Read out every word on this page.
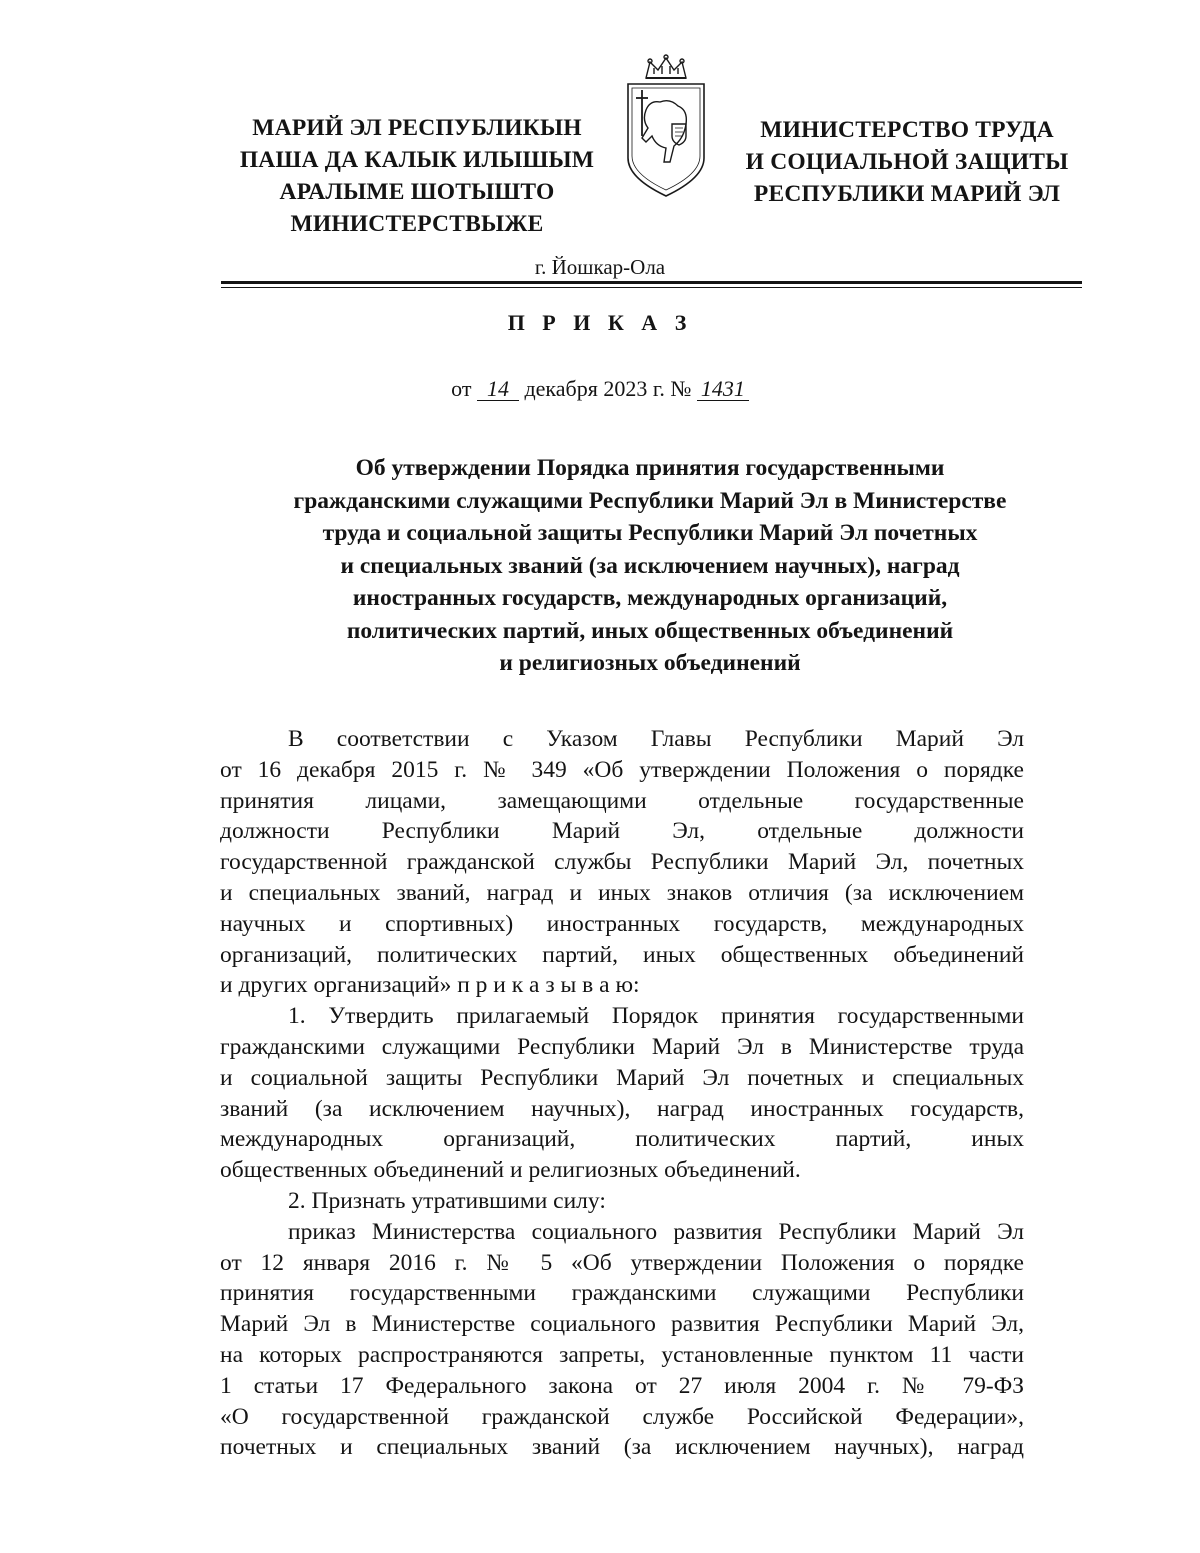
МАРИЙ ЭЛ РЕСПУБЛИКЫН
ПАША ДА КАЛЫК ИЛЫШЫМ
АРАЛЫМЕ ШОТЫШТО
МИНИСТЕРСТВЫЖЕ
МИНИСТЕРСТВО ТРУДА
И СОЦИАЛЬНОЙ ЗАЩИТЫ
РЕСПУБЛИКИ МАРИЙ ЭЛ
г. Йошкар-Ола
П Р И К А З
от 14 декабря 2023 г. № 1431
Об утверждении Порядка принятия государственными
гражданскими служащими Республики Марий Эл в Министерстве
труда и социальной защиты Республики Марий Эл почетных
и специальных званий (за исключением научных), наград
иностранных государств, международных организаций,
политических партий, иных общественных объединений
и религиозных объединений
В соответствии с Указом Главы Республики Марий Эл
от 16 декабря 2015 г. № 349 «Об утверждении Положения о порядке
принятия лицами, замещающими отдельные государственные
должности Республики Марий Эл, отдельные должности
государственной гражданской службы Республики Марий Эл, почетных
и специальных званий, наград и иных знаков отличия (за исключением
научных и спортивных) иностранных государств, международных
организаций, политических партий, иных общественных объединений
и других организаций» п р и к а з ы в а ю:
1. Утвердить прилагаемый Порядок принятия государственными
гражданскими служащими Республики Марий Эл в Министерстве труда
и социальной защиты Республики Марий Эл почетных и специальных
званий (за исключением научных), наград иностранных государств,
международных организаций, политических партий, иных
общественных объединений и религиозных объединений.
2. Признать утратившими силу:
приказ Министерства социального развития Республики Марий Эл
от 12 января 2016 г. № 5 «Об утверждении Положения о порядке
принятия государственными гражданскими служащими Республики
Марий Эл в Министерстве социального развития Республики Марий Эл,
на которых распространяются запреты, установленные пунктом 11 части
1 статьи 17 Федерального закона от 27 июля 2004 г. № 79-ФЗ
«О государственной гражданской службе Российской Федерации»,
почетных и специальных званий (за исключением научных), наград
